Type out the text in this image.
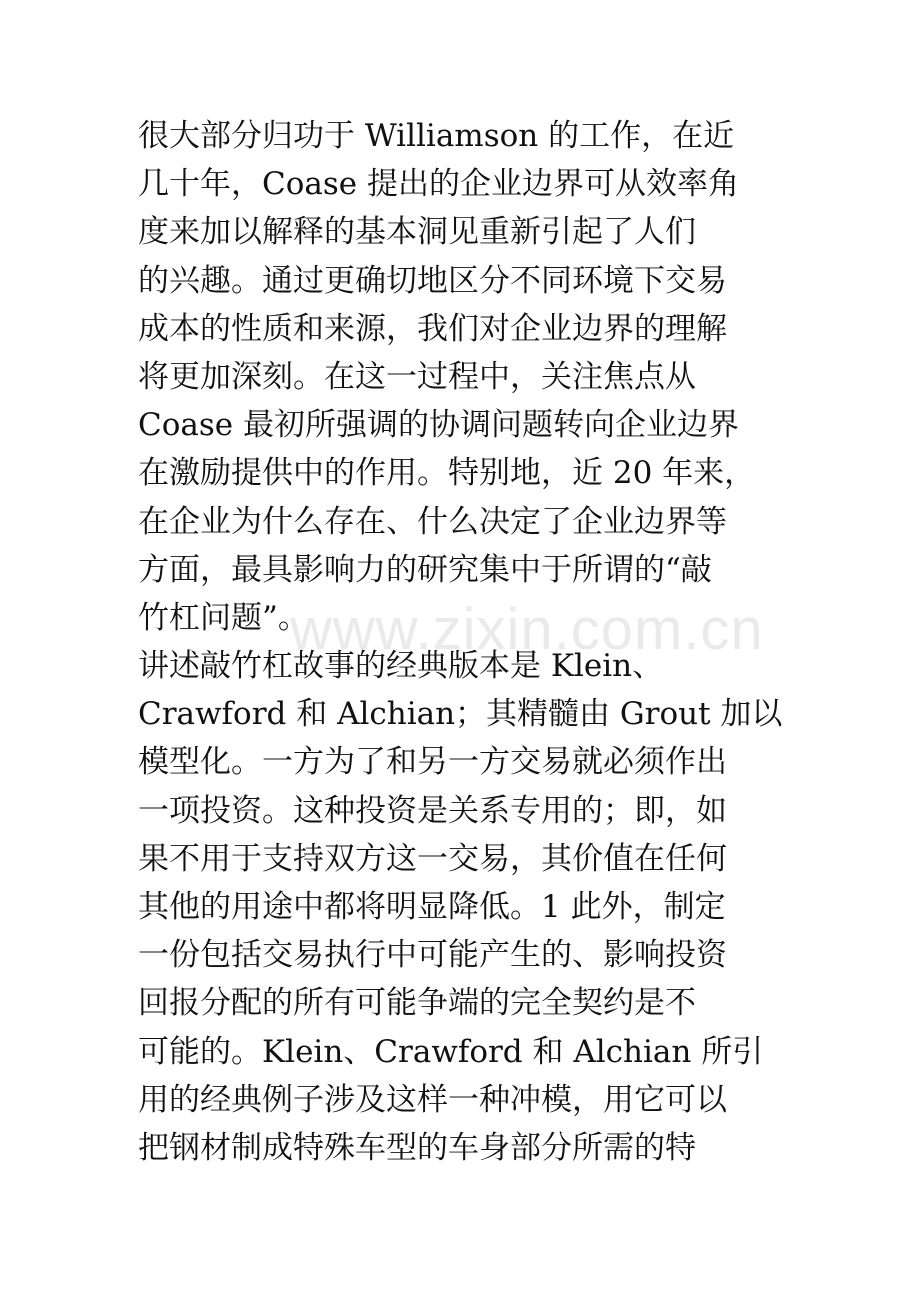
很大部分归功于 Williamson 的工作，在近
几十年，Coase 提出的企业边界可从效率角
度来加以解释的基本洞见重新引起了人们
的兴趣。通过更确切地区分不同环境下交易
成本的性质和来源，我们对企业边界的理解
将更加深刻。在这一过程中，关注焦点从
Coase 最初所强调的协调问题转向企业边界
在激励提供中的作用。特别地，近 20 年来，
在企业为什么存在、什么决定了企业边界等
方面，最具影响力的研究集中于所谓的“敲
竹杠问题”。
讲述敲竹杠故事的经典版本是 Klein、
Crawford 和 Alchian；其精髓由 Grout 加以
模型化。一方为了和另一方交易就必须作出
一项投资。这种投资是关系专用的；即，如
果不用于支持双方这一交易，其价值在任何
其他的用途中都将明显降低。1 此外，制定
一份包括交易执行中可能产生的、影响投资
回报分配的所有可能争端的完全契约是不
可能的。Klein、Crawford 和 Alchian 所引
用的经典例子涉及这样一种冲模，用它可以
把钢材制成特殊车型的车身部分所需的特
www.zixin.com.cn
